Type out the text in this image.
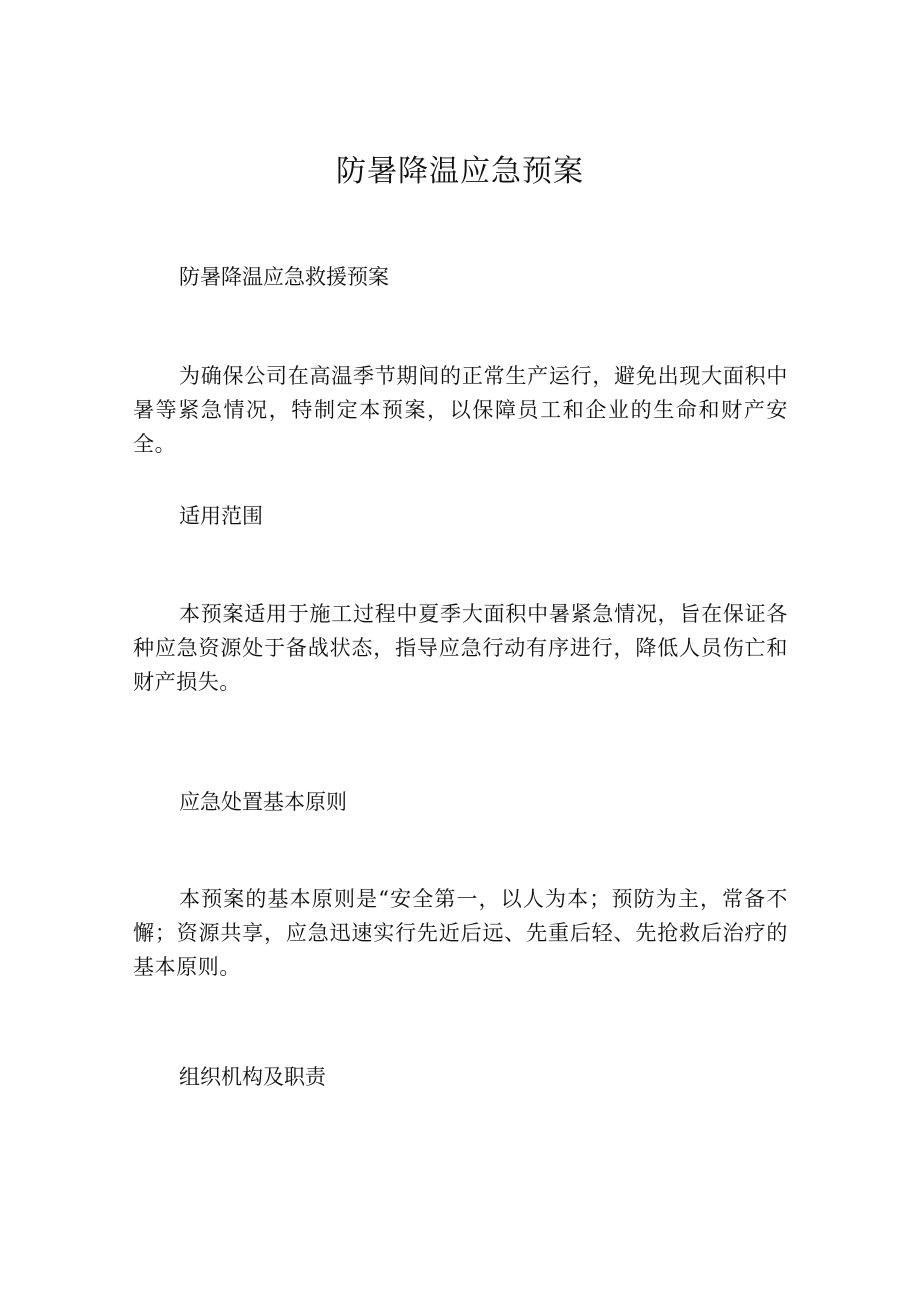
防暑降温应急预案
防暑降温应急救援预案
为确保公司在高温季节期间的正常生产运行，避免出现大面积中暑等紧急情况，特制定本预案，以保障员工和企业的生命和财产安全。
适用范围
本预案适用于施工过程中夏季大面积中暑紧急情况，旨在保证各种应急资源处于备战状态，指导应急行动有序进行，降低人员伤亡和财产损失。
应急处置基本原则
本预案的基本原则是“安全第一，以人为本；预防为主，常备不懈；资源共享，应急迅速实行先近后远、先重后轻、先抢救后治疗的基本原则。
组织机构及职责
